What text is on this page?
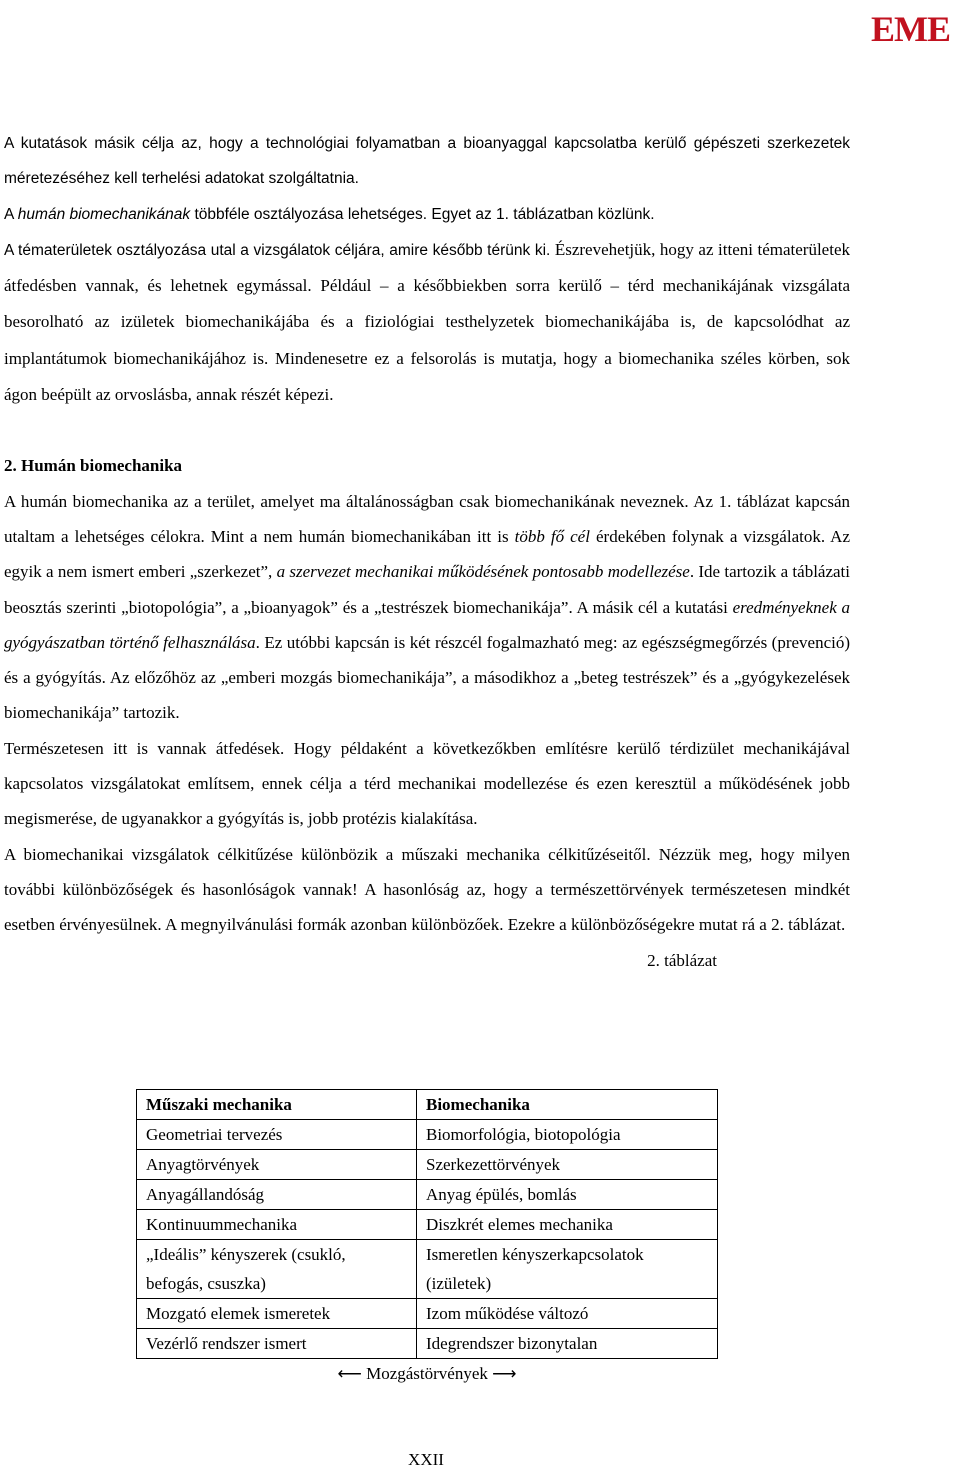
EME

A kutatások másik célja az, hogy a technológiai folyamatban a bioanyaggal kapcsolatba kerülő gépészeti szerkezetek méretezéséhez kell terhelési adatokat szolgáltatnia.
A humán biomechanikának többféle osztályozása lehetséges. Egyet az 1. táblázatban közlünk.
A tématerületek osztályozása utal a vizsgálatok céljára, amire később térünk ki. Észrevehetjük, hogy az itteni tématerületek átfedésben vannak, és lehetnek egymással. Például – a későbbiekben sorra kerülő – térd mechanikájának vizsgálata besorolható az izületek biomechanikájába és a fiziológiai testhelyzetek biomechanikájába is, de kapcsolódhat az implantátumok biomechanikájához is. Mindenesetre ez a felsorolás is mutatja, hogy a biomechanika széles körben, sok ágon beépült az orvoslásba, annak részét képezi.

2. Humán biomechanika

A humán biomechanika az a terület, amelyet ma általánosságban csak biomechanikának neveznek. Az 1. táblázat kapcsán utaltam a lehetséges célokra. Mint a nem humán biomechanikában itt is több fő cél érdekében folynak a vizsgálatok. Az egyik a nem ismert emberi „szerkezet”, a szervezet mechanikai működésének pontosabb modellezése. Ide tartozik a táblázati beosztás szerinti „biotopológia”, a „bioanyagok” és a „testrészek biomechanikája”. A másik cél a kutatási eredményeknek a gyógyászatban történő felhasználása. Ez utóbbi kapcsán is két részcél fogalmazható meg: az egészségmegőrzés (prevenció) és a gyógyítás. Az előzőhöz az „emberi mozgás biomechanikája”, a másodikhoz a „beteg testrészek” és a „gyógykezelések biomechanikája” tartozik.

Természetesen itt is vannak átfedések. Hogy példaként a következőkben említésre kerülő térdizület mechanikájával kapcsolatos vizsgálatokat említsem, ennek célja a térd mechanikai modellezése és ezen keresztül a működésének jobb megismerése, de ugyanakkor a gyógyítás is, jobb protézis kialakítása.

A biomechanikai vizsgálatok célkitűzése különbözik a műszaki mechanika célkitűzéseitől. Nézzük meg, hogy milyen további különbözőségek és hasonlóságok vannak! A hasonlóság az, hogy a természettörvények természetesen mindkét esetben érvényesülnek. A megnyilvánulási formák azonban különbözőek. Ezekre a különbözőségekre mutat rá a 2. táblázat.

2. táblázat

Műszaki mechanika	Biomechanika
Geometriai tervezés	Biomorfológia, biotopológia
Anyagtörvények	Szerkezettörvények
Anyagállandóság	Anyag épülés, bomlás
Kontinuummechanika	Diszkrét elemes mechanika
„Ideális” kényszerek (csukló, befogás, csuszka)	Ismeretlen kényszerkapcsolatok (izületek)
Mozgató elemek ismeretek	Izom működése változó
Vezérlő rendszer ismert	Idegrendszer bizonytalan
⟵ Mozgástörvények ⟶	
XXII
